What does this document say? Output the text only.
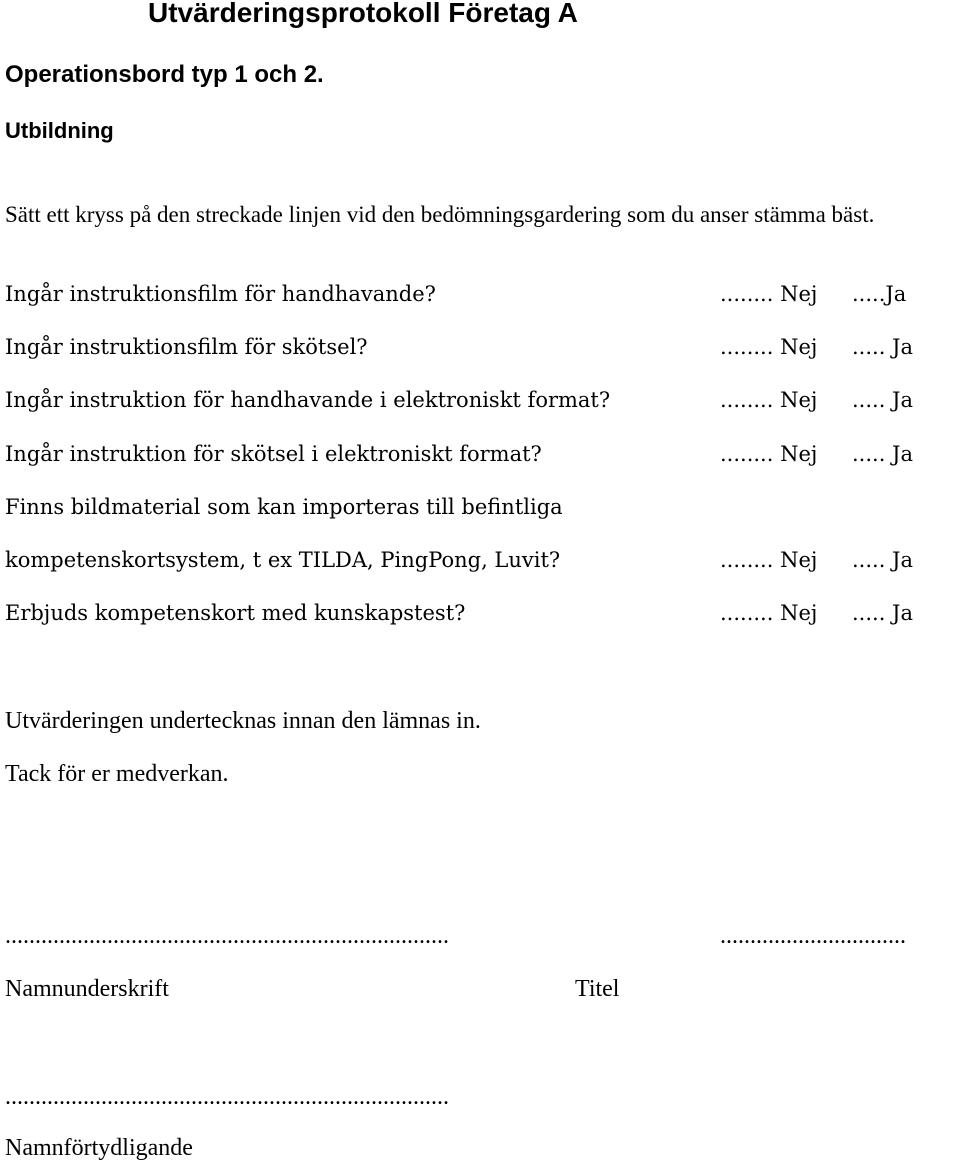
Utvärderingsprotokoll Företag A
Operationsbord typ 1 och 2.
Utbildning
Sätt ett kryss på den streckade linjen vid den bedömningsgardering som du anser stämma bäst.
Ingår instruktionsfilm för handhavande?	........ Nej .....Ja
Ingår instruktionsfilm för skötsel?	........ Nej ..... Ja
Ingår instruktion för handhavande i elektroniskt format?	........ Nej ..... Ja
Ingår instruktion för skötsel i elektroniskt format?	........ Nej ..... Ja
Finns bildmaterial som kan importeras till befintliga
kompetenskortsystem, t ex TILDA, PingPong, Luvit?	........ Nej ..... Ja
Erbjuds kompetenskort med kunskapstest?	........ Nej ..... Ja
Utvärderingen undertecknas innan den lämnas in.
Tack för er medverkan.
..........................................................................	...............................
Namnunderskrift	Titel
..........................................................................
Namnförtydligande
